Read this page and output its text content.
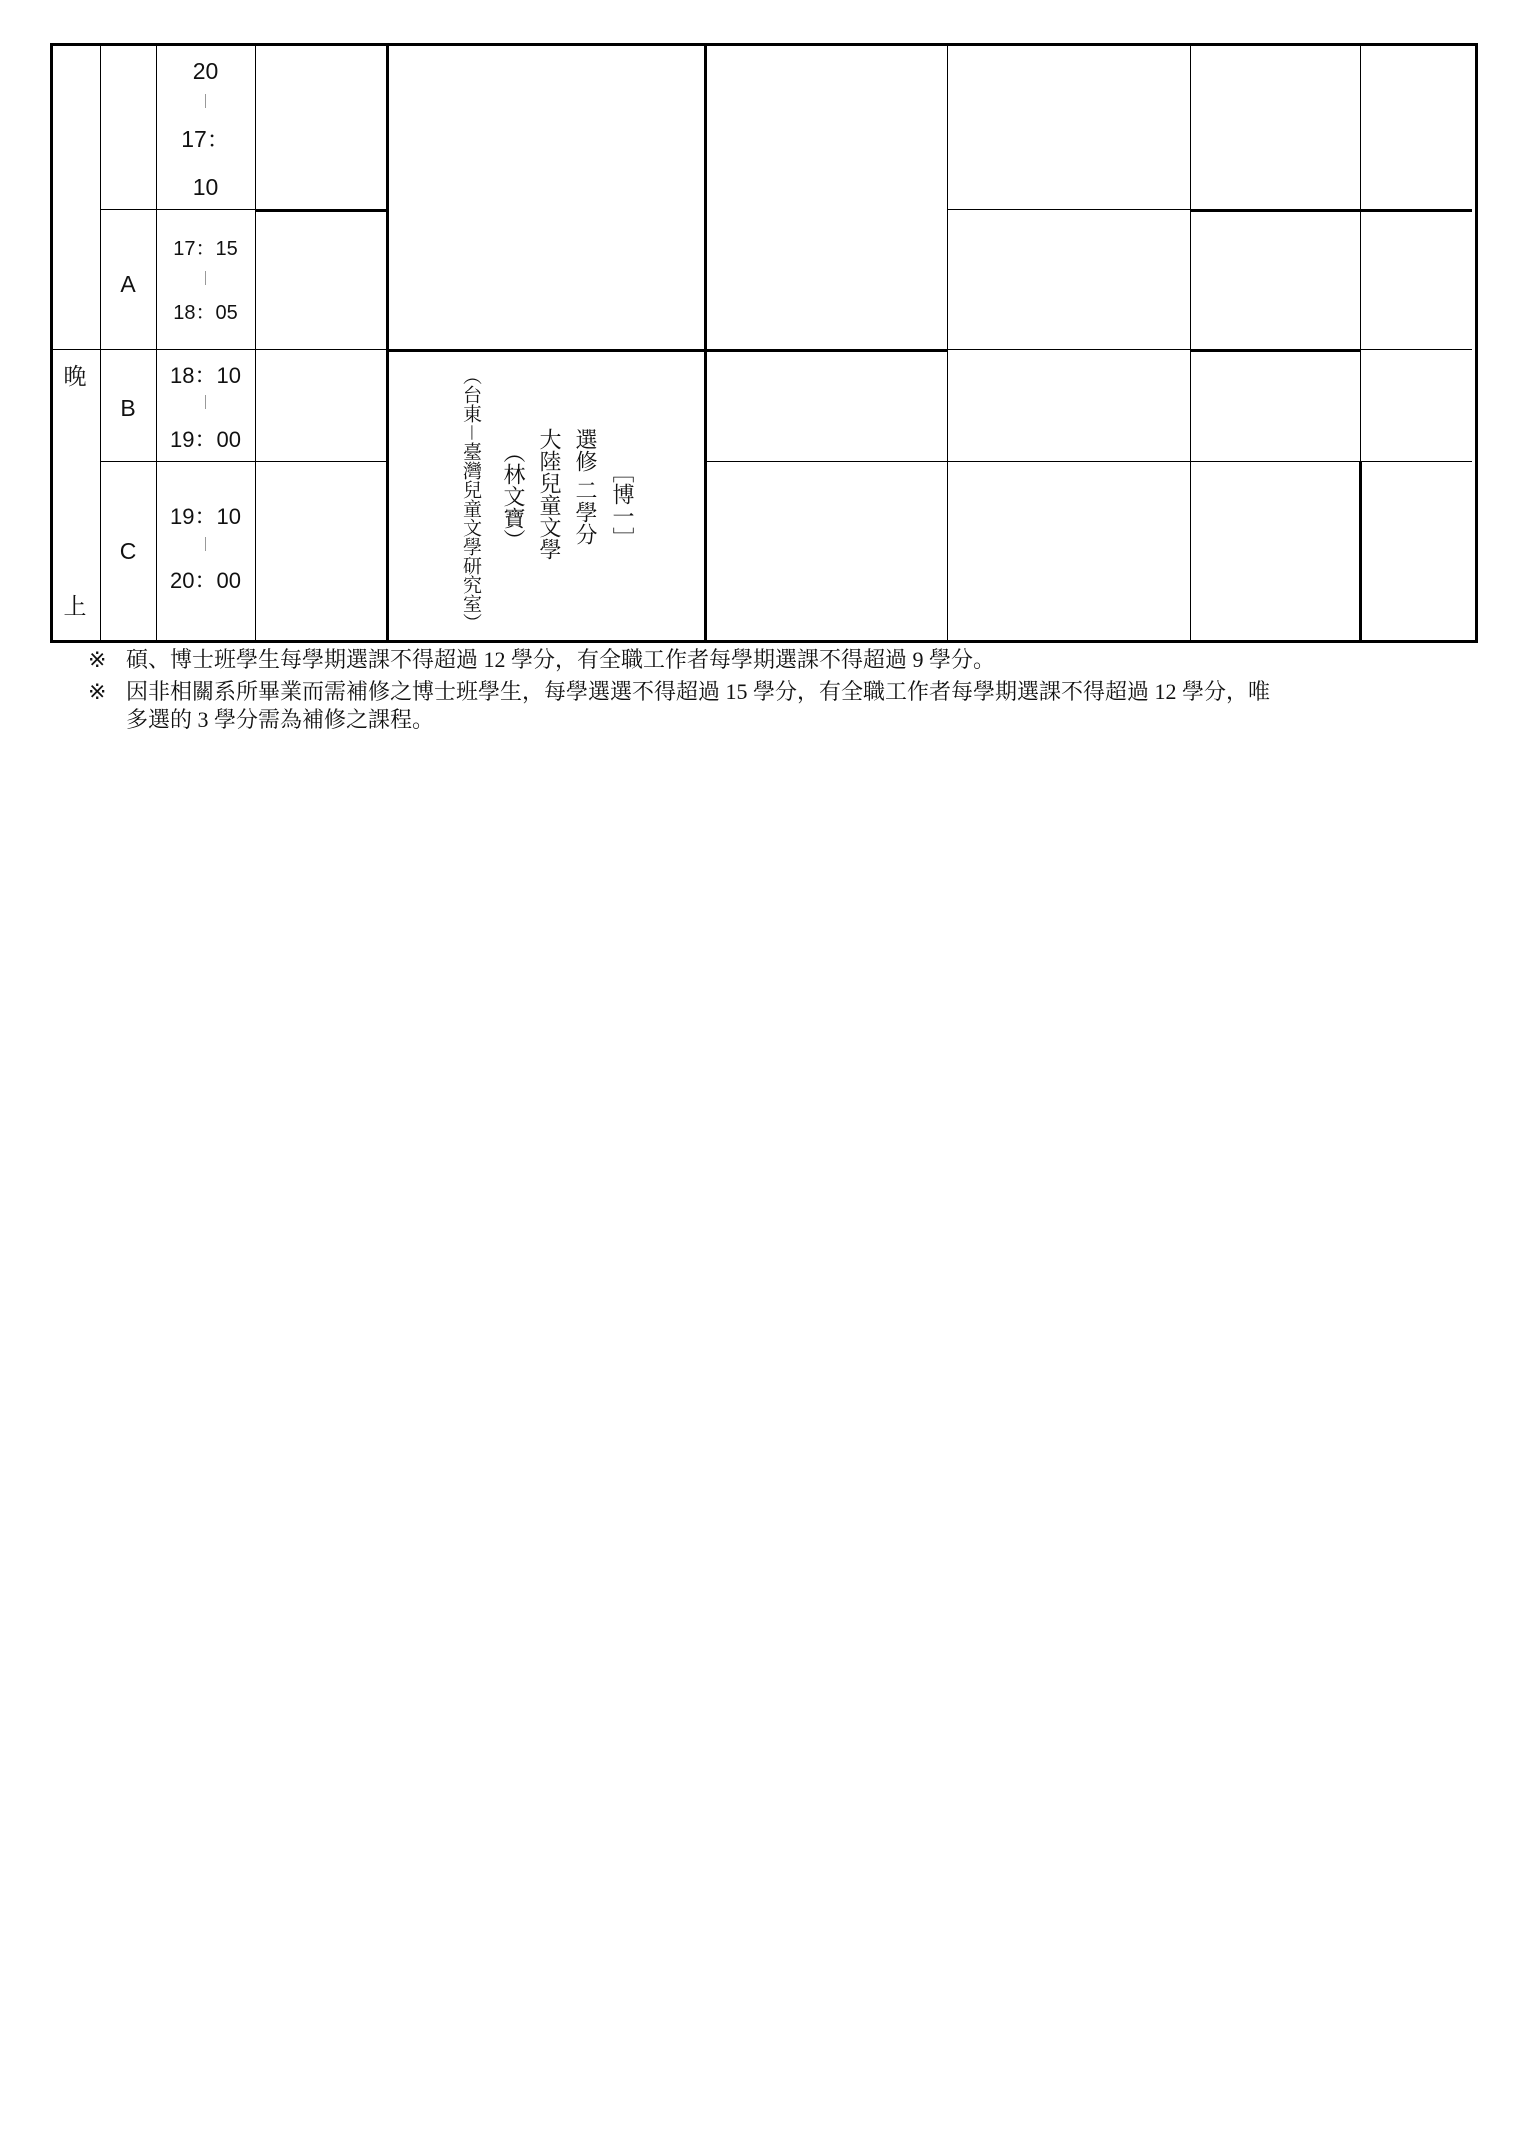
20
17：
10
A
17：15
18：05
晚
上
B
18：10
19：00
C
19：10
20：00
［博一］
選修 二學分
大陸兒童文學
（林文寶）
（台東－臺灣兒童文學研究室）
※ 碩、博士班學生每學期選課不得超過 12 學分，有全職工作者每學期選課不得超過 9 學分。
※ 因非相關系所畢業而需補修之博士班學生，每學選選不得超過 15 學分，有全職工作者每學期選課不得超過 12 學分，唯
多選的 3 學分需為補修之課程。
